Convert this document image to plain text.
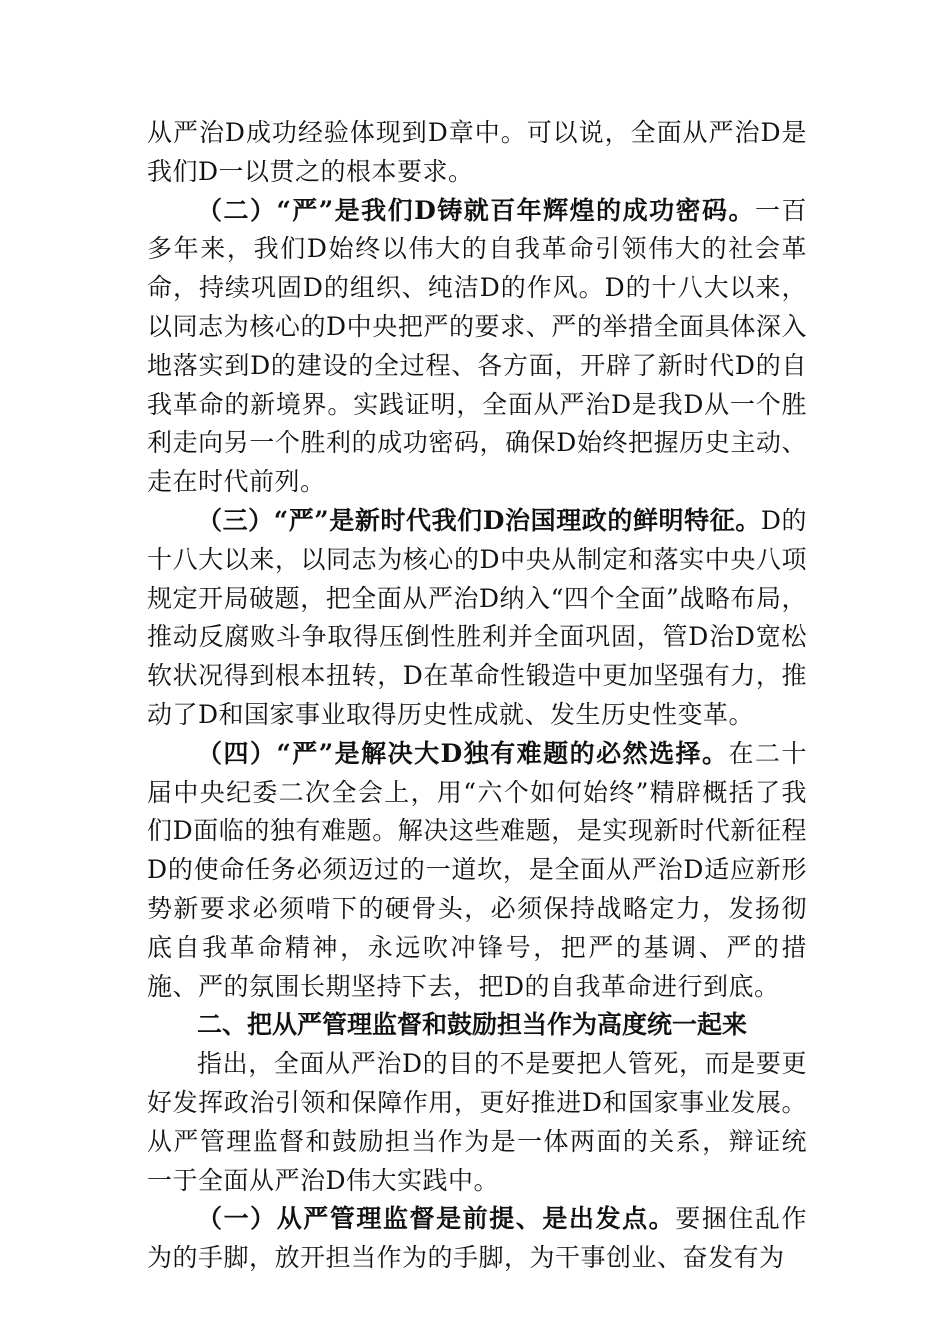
从严治D成功经验体现到D章中。可以说，全面从严治D是我们D一以贯之的根本要求。

（二）“严”是我们D铸就百年辉煌的成功密码。一百多年来，我们D始终以伟大的自我革命引领伟大的社会革命，持续巩固D的组织、纯洁D的作风。D的十八大以来，以同志为核心的D中央把严的要求、严的举措全面具体深入地落实到D的建设的全过程、各方面，开辟了新时代D的自我革命的新境界。实践证明，全面从严治D是我D从一个胜利走向另一个胜利的成功密码，确保D始终把握历史主动、走在时代前列。

（三）“严”是新时代我们D治国理政的鲜明特征。D的十八大以来，以同志为核心的D中央从制定和落实中央八项规定开局破题，把全面从严治D纳入“四个全面”战略布局，推动反腐败斗争取得压倒性胜利并全面巩固，管D治D宽松软状况得到根本扭转，D在革命性锻造中更加坚强有力，推动了D和国家事业取得历史性成就、发生历史性变革。

（四）“严”是解决大D独有难题的必然选择。在二十届中央纪委二次全会上，用“六个如何始终”精辟概括了我们D面临的独有难题。解决这些难题，是实现新时代新征程D的使命任务必须迈过的一道坎，是全面从严治D适应新形势新要求必须啃下的硬骨头，必须保持战略定力，发扬彻底自我革命精神，永远吹冲锋号，把严的基调、严的措施、严的氛围长期坚持下去，把D的自我革命进行到底。

二、把从严管理监督和鼓励担当作为高度统一起来

指出，全面从严治D的目的不是要把人管死，而是要更好发挥政治引领和保障作用，更好推进D和国家事业发展。从严管理监督和鼓励担当作为是一体两面的关系，辩证统一于全面从严治D伟大实践中。

（一）从严管理监督是前提、是出发点。要捆住乱作为的手脚，放开担当作为的手脚，为干事创业、奋发有为
